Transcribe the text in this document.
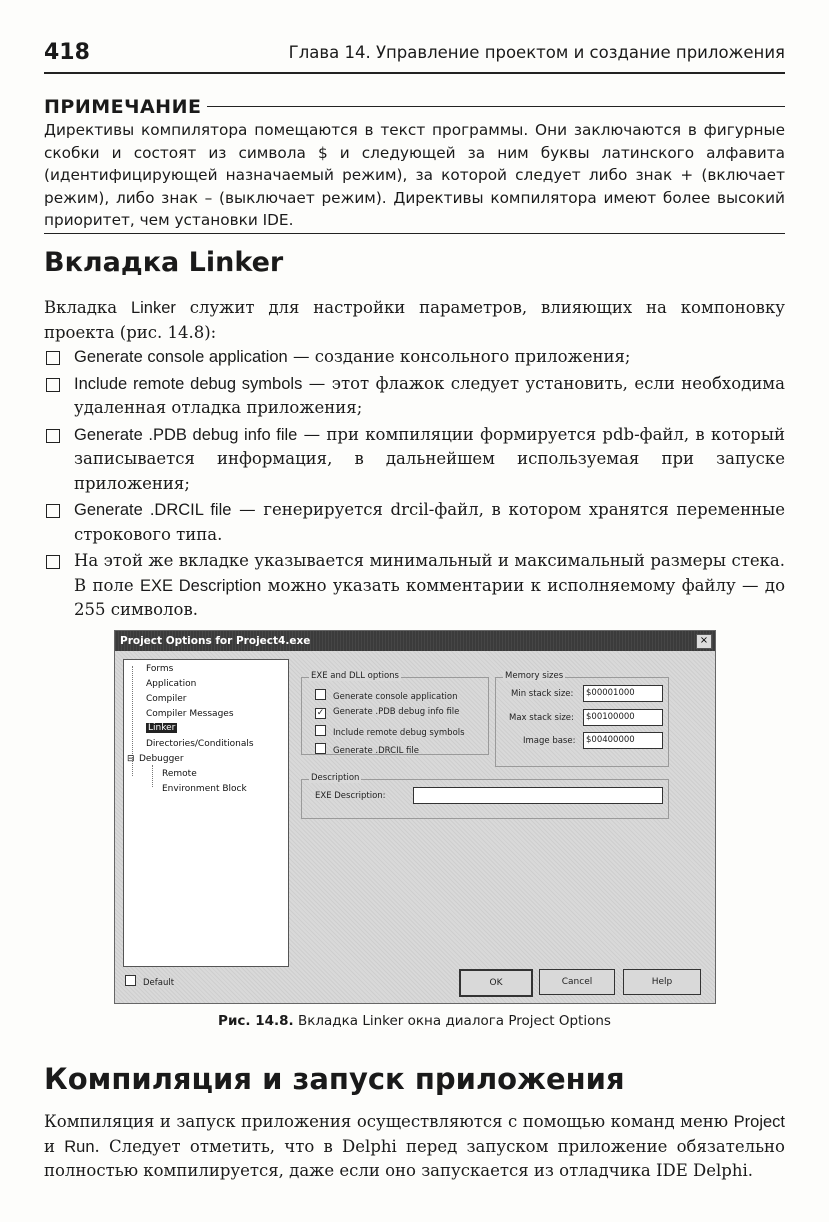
418	Глава 14. Управление проектом и создание приложения
ПРИМЕЧАНИЕ
Директивы компилятора помещаются в текст программы. Они заключаются в фигурные скобки и состоят из символа $ и следующей за ним буквы латинского алфавита (идентифицирующей назначаемый режим), за которой следует либо знак + (включает режим), либо знак – (выключает режим). Директивы компилятора имеют более высокий приоритет, чем установки IDE.
Вкладка Linker
Вкладка Linker служит для настройки параметров, влияющих на компоновку проекта (рис. 14.8):
Generate console application — создание консольного приложения;
Include remote debug symbols — этот флажок следует установить, если необходима удаленная отладка приложения;
Generate .PDB debug info file — при компиляции формируется pdb-файл, в который записывается информация, в дальнейшем используемая при запуске приложения;
Generate .DRCIL file — генерируется drcil-файл, в котором хранятся переменные строкового типа.
На этой же вкладке указывается минимальный и максимальный размеры стека. В поле EXE Description можно указать комментарии к исполняемому файлу — до 255 символов.
Project Options for Project4.exe	×
Forms
Application
Compiler
Compiler Messages
Linker
Directories/Conditionals
⊟ Debugger
Remote
Environment Block
EXE and DLL options
Generate console application
✓ Generate .PDB debug info file
Include remote debug symbols
Generate .DRCIL file
Memory sizes
Min stack size:	$00001000
Max stack size:	$00100000
Image base:	$00400000
Description
EXE Description:
Default	OK	Cancel	Help
Рис. 14.8. Вкладка Linker окна диалога Project Options
Компиляция и запуск приложения
Компиляция и запуск приложения осуществляются с помощью команд меню Project и Run. Следует отметить, что в Delphi перед запуском приложение обязательно полностью компилируется, даже если оно запускается из отладчика IDE Delphi.
